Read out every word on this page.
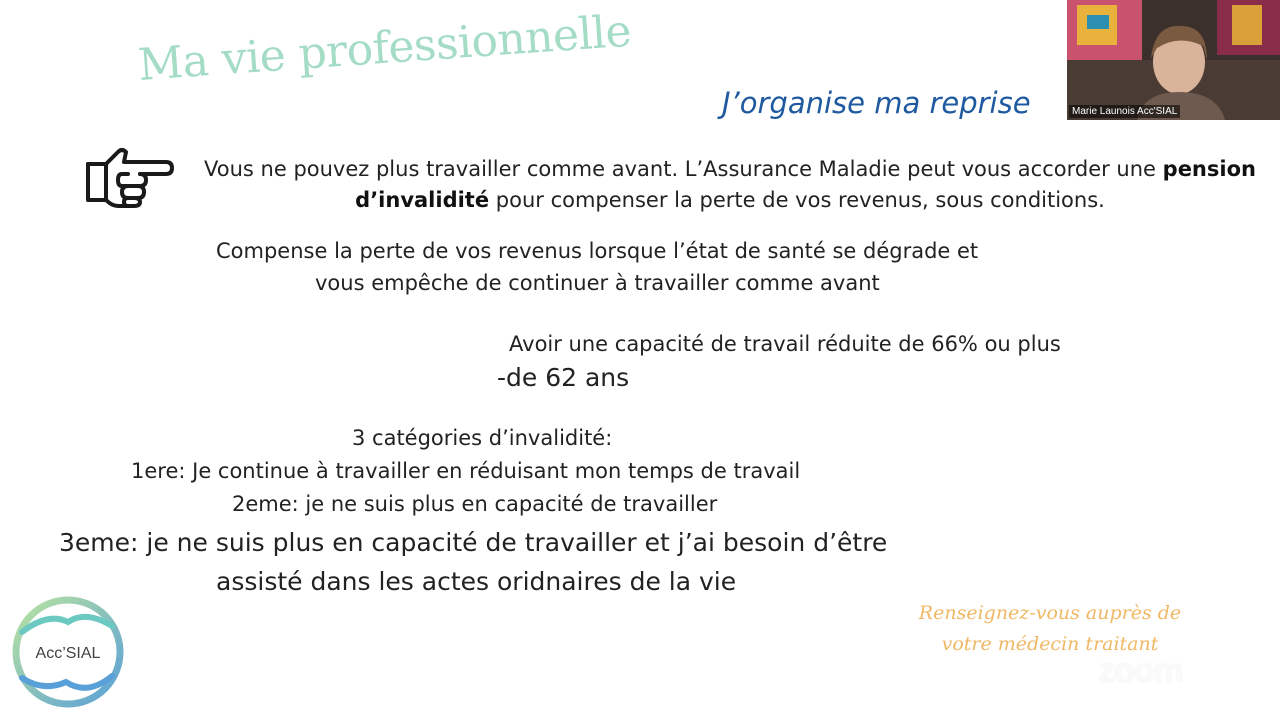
Ma vie professionnelle
J’organise ma reprise
Vous ne pouvez plus travailler comme avant. L’Assurance Maladie peut vous accorder une pension d’invalidité pour compenser la perte de vos revenus, sous conditions.
Compense la perte de vos revenus lorsque l’état de santé se dégrade et
vous empêche de continuer à travailler comme avant
Avoir une capacité de travail réduite de 66% ou plus
-de 62 ans
3 catégories d’invalidité:
1ere: Je continue à travailler en réduisant mon temps de travail
2eme: je ne suis plus en capacité de travailler
3eme: je ne suis plus en capacité de travailler et j’ai besoin d’être
assisté dans les actes oridnaires de la vie
Renseignez-vous auprès de
votre médecin traitant
Acc’SIAL
Marie Launois Acc'SIAL
zoom
